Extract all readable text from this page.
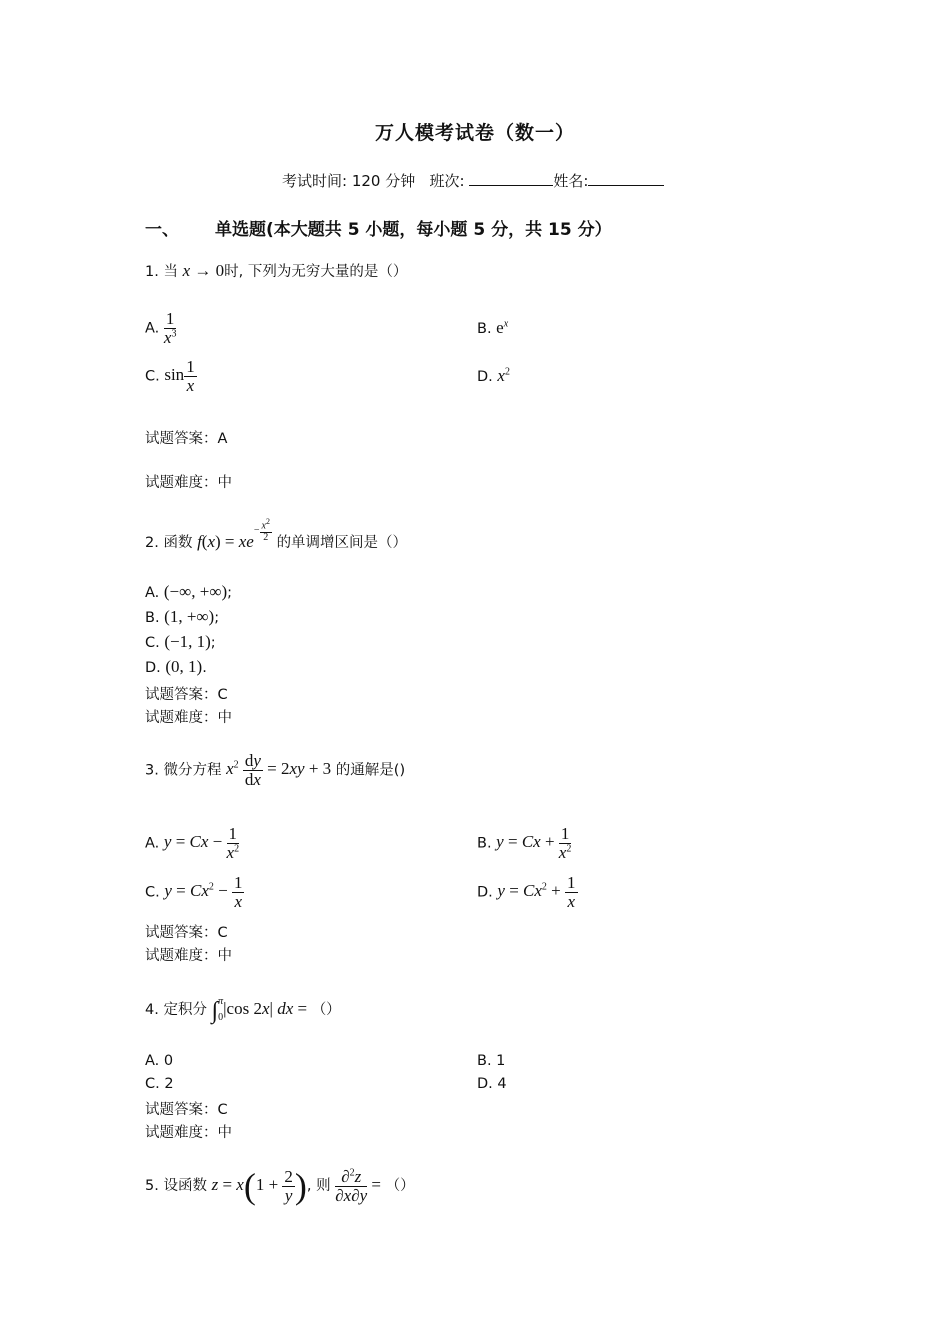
万人模考试卷（数一）
考试时间: 120 分钟 班次:	姓名:
一、 单选题(本大题共 5 小题，每小题 5 分，共 15 分）
1. 当 x → 0时, 下列为无穷大量的是（）
A. $\frac{1}{x^3}$	B. $e^x$
C. $\sin \frac{1}{x}$	D. $x^2$
试题答案：A
试题难度：中
2. 函数 $f(x) = xe- \frac{x^2}{2}$ 的单调增区间是（）
A. (−∞, +∞);
B. (1, +∞);
C. (−1, 1);
D. (0, 1).
试题答案：C
试题难度：中
3. 微分方程 $x^2 \frac{dy}{dx} = 2xy + 3$ 的通解是()
A. $y = Cx - \frac{1}{x^2}$	B. $y = Cx + \frac{1}{x^2}$
C. $y = Cx^2 - \frac{1}{x}$	D. $y = Cx^2 + \frac{1}{x}$
试题答案：C
试题难度：中
4. 定积分 ∫ π
0 |cos 2x| dx = （）
A. 0	B. 1
C. 2	D. 4
试题答案：C
试题难度：中
5. 设函数 $z = x(1 + \frac{2}{y}$ ), 则 $\frac{\partial^2z}{\partial x\partial y}$ = （）
